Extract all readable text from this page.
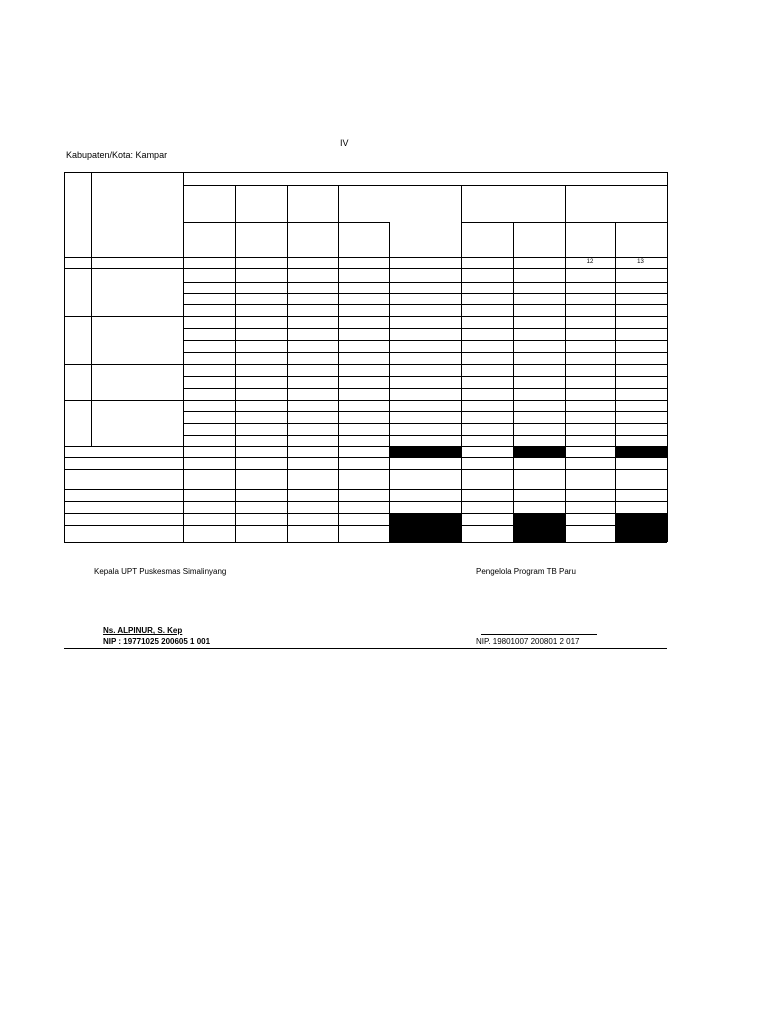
IV
Kabupaten/Kota: Kampar
12	13
Kepala UPT Puskesmas Simalinyang	Pengelola Program TB Paru
Ns. ALPINUR, S. Kep
NIP : 19771025 200605 1 001	NIP. 19801007 200801 2 017
